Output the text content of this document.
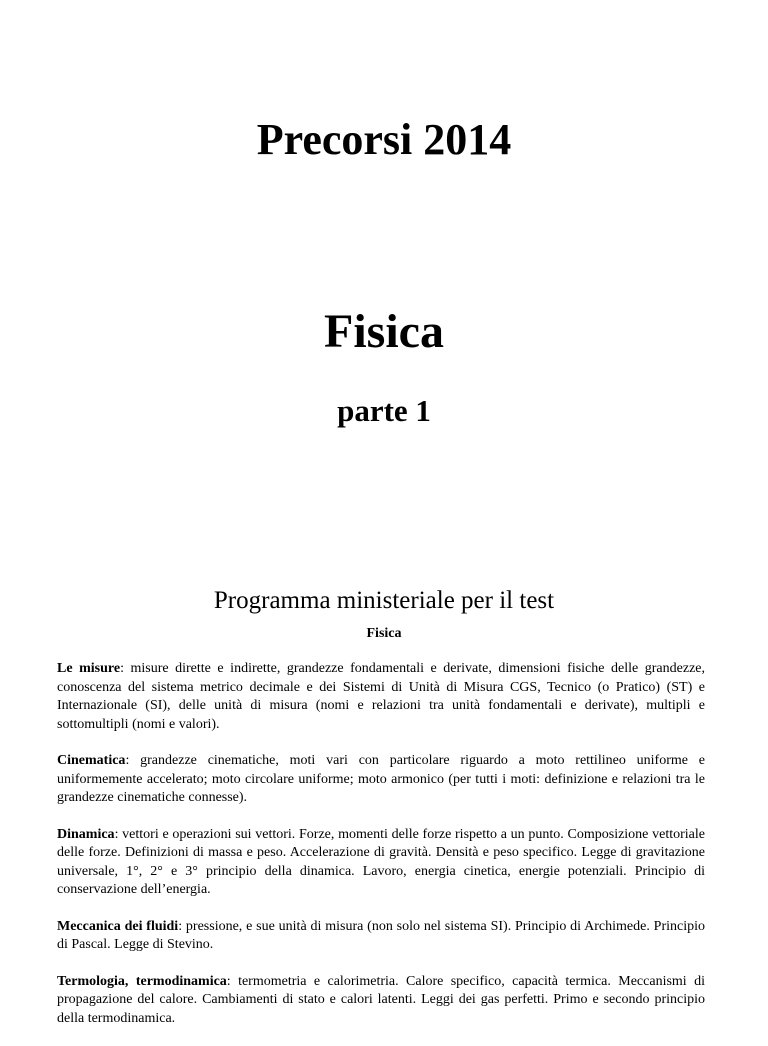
Precorsi 2014
Fisica
parte 1
Programma ministeriale per il test
Fisica

Le misure: misure dirette e indirette, grandezze fondamentali e derivate, dimensioni fisiche delle grandezze, conoscenza del sistema metrico decimale e dei Sistemi di Unità di Misura CGS, Tecnico (o Pratico) (ST) e Internazionale (SI), delle unità di misura (nomi e relazioni tra unità fondamentali e derivate), multipli e sottomultipli (nomi e valori).

Cinematica: grandezze cinematiche, moti vari con particolare riguardo a moto rettilineo uniforme e uniformemente accelerato; moto circolare uniforme; moto armonico (per tutti i moti: definizione e relazioni tra le grandezze cinematiche connesse).

Dinamica: vettori e operazioni sui vettori. Forze, momenti delle forze rispetto a un punto. Composizione vettoriale delle forze. Definizioni di massa e peso. Accelerazione di gravità. Densità e peso specifico. Legge di gravitazione universale, 1°, 2° e 3° principio della dinamica. Lavoro, energia cinetica, energie potenziali. Principio di conservazione dell’energia.

Meccanica dei fluidi: pressione, e sue unità di misura (non solo nel sistema SI). Principio di Archimede. Principio di Pascal. Legge di Stevino.

Termologia, termodinamica: termometria e calorimetria. Calore specifico, capacità termica. Meccanismi di propagazione del calore. Cambiamenti di stato e calori latenti. Leggi dei gas perfetti. Primo e secondo principio della termodinamica.
